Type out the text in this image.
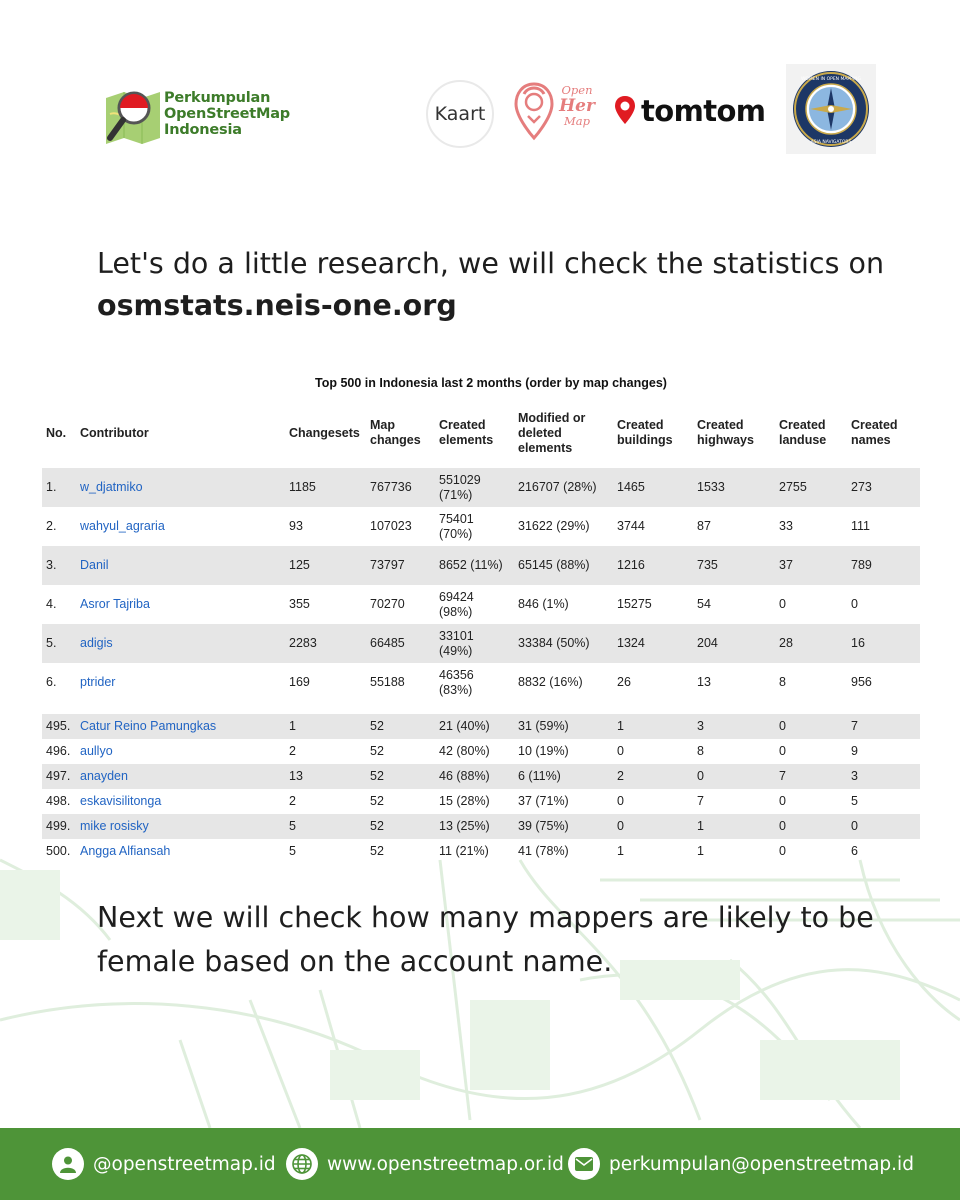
Perkumpulan
OpenStreetMap
Indonesia
Kaart
Open
Her
Map	tomtom
WOMEN IN OPEN MAPPING
ASIA NAVIGATORS
Let's do a little research, we will check the statistics on osmstats.neis-one.org
Top 500 in Indonesia last 2 months (order by map changes)
No.	Contributor	Changesets	Map changes	Created elements	Modified or deleted elements	Created buildings	Created highways	Created landuse	Created names
1.	w_djatmiko	1185	767736	551029 (71%)	216707 (28%)	1465	1533	2755	273
2.	wahyul_agraria	93	107023	75401 (70%)	31622 (29%)	3744	87	33	111
3.	Danil	125	73797	8652 (11%)	65145 (88%)	1216	735	37	789
4.	Asror Tajriba	355	70270	69424 (98%)	846 (1%)	15275	54	0	0
5.	adigis	2283	66485	33101 (49%)	33384 (50%)	1324	204	28	16
6.	ptrider	169	55188	46356 (83%)	8832 (16%)	26	13	8	956

495.	Catur Reino Pamungkas	1	52	21 (40%)	31 (59%)	1	3	0	7
496.	aullyo	2	52	42 (80%)	10 (19%)	0	8	0	9
497.	anayden	13	52	46 (88%)	6 (11%)	2	0	7	3
498.	eskavisilitonga	2	52	15 (28%)	37 (71%)	0	7	0	5
499.	mike rosisky	5	52	13 (25%)	39 (75%)	0	1	0	0
500.	Angga Alfiansah	5	52	11 (21%)	41 (78%)	1	1	0	6
Next we will check how many mappers are likely to be female based on the account name.
@openstreetmap.id	www.openstreetmap.or.id perkumpulan@openstreetmap.id
